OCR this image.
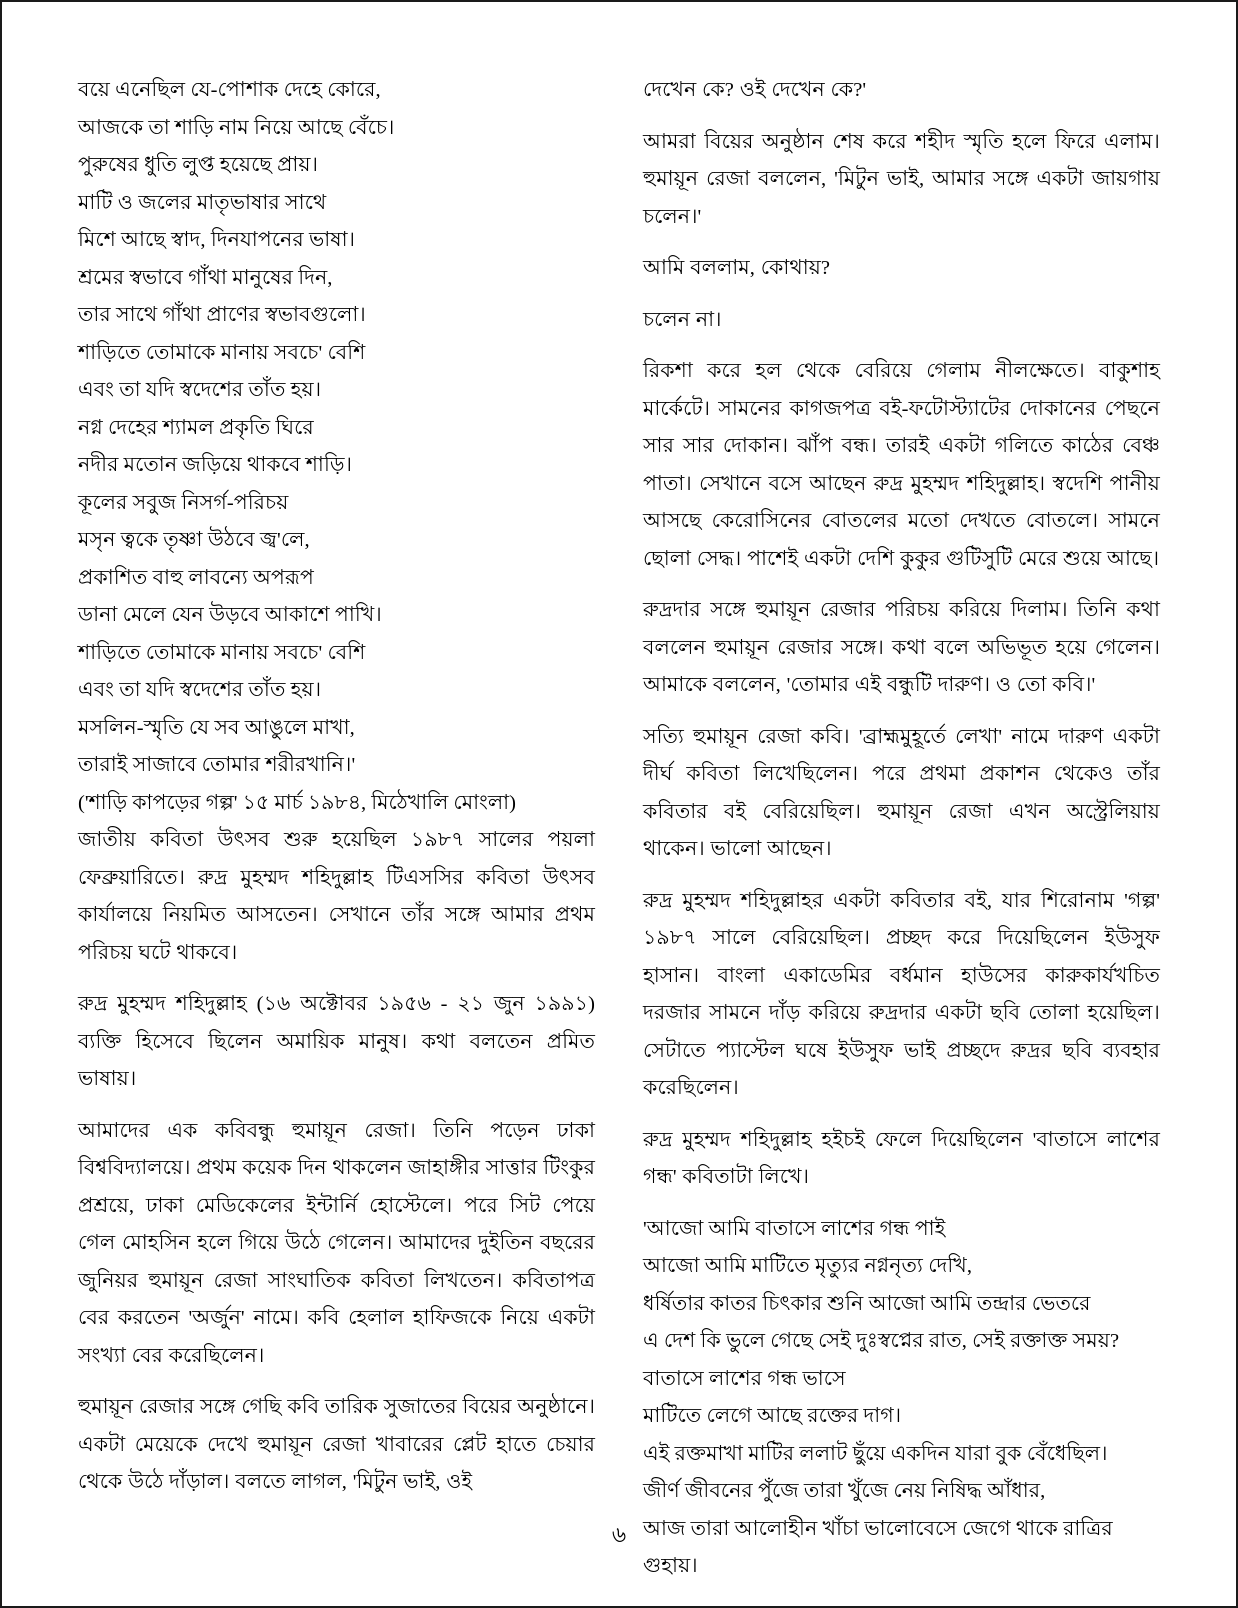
বয়ে এনেছিল যে-পোশাক দেহে কোরে,
আজকে তা শাড়ি নাম নিয়ে আছে বেঁচে।
পুরুষের ধুতি লুপ্ত হয়েছে প্রায়।
মাটি ও জলের মাতৃভাষার সাথে
মিশে আছে স্বাদ, দিনযাপনের ভাষা।
শ্রমের স্বভাবে গাঁথা মানুষের দিন,
তার সাথে গাঁথা প্রাণের স্বভাবগুলো।
শাড়িতে তোমাকে মানায় সবচে' বেশি
এবং তা যদি স্বদেশের তাঁত হয়।
নগ্ন দেহের শ্যামল প্রকৃতি ঘিরে
নদীর মতোন জড়িয়ে থাকবে শাড়ি।
কূলের সবুজ নিসর্গ-পরিচয়
মসৃন ত্বকে তৃষ্ণা উঠবে জ্ব'লে,
প্রকাশিত বাহু লাবন্যে অপরূপ
ডানা মেলে যেন উড়বে আকাশে পাখি।
শাড়িতে তোমাকে মানায় সবচে' বেশি
এবং তা যদি স্বদেশের তাঁত হয়।
মসলিন-স্মৃতি যে সব আঙুলে মাখা,
তারাই সাজাবে তোমার শরীরখানি।'
('শাড়ি কাপড়ের গল্প' ১৫ মার্চ ১৯৮৪, মিঠেখালি মোংলা)

জাতীয় কবিতা উৎসব শুরু হয়েছিল ১৯৮৭ সালের পয়লা ফেব্রুয়ারিতে। রুদ্র মুহম্মদ শহিদুল্লাহ টিএসসির কবিতা উৎসব কার্যালয়ে নিয়মিত আসতেন। সেখানে তাঁর সঙ্গে আমার প্রথম পরিচয় ঘটে থাকবে।

রুদ্র মুহম্মদ শহিদুল্লাহ (১৬ অক্টোবর ১৯৫৬ - ২১ জুন ১৯৯১) ব্যক্তি হিসেবে ছিলেন অমায়িক মানুষ। কথা বলতেন প্রমিত ভাষায়।

আমাদের এক কবিবন্ধু হুমায়ূন রেজা। তিনি পড়েন ঢাকা বিশ্ববিদ্যালয়ে। প্রথম কয়েক দিন থাকলেন জাহাঙ্গীর সাত্তার টিংকুর প্রশ্রয়ে, ঢাকা মেডিকেলের ইন্টার্নি হোস্টেলে। পরে সিট পেয়ে গেল মোহসিন হলে গিয়ে উঠে গেলেন। আমাদের দুইতিন বছরের জুনিয়র হুমায়ূন রেজা সাংঘাতিক কবিতা লিখতেন। কবিতাপত্র বের করতেন 'অর্জুন' নামে। কবি হেলাল হাফিজকে নিয়ে একটা সংখ্যা বের করেছিলেন।

হুমায়ূন রেজার সঙ্গে গেছি কবি তারিক সুজাতের বিয়ের অনুষ্ঠানে। একটা মেয়েকে দেখে হুমায়ূন রেজা খাবারের প্লেট হাতে চেয়ার থেকে উঠে দাঁড়াল। বলতে লাগল, 'মিটুন ভাই, ওই

দেখেন কে? ওই দেখেন কে?'

আমরা বিয়ের অনুষ্ঠান শেষ করে শহীদ স্মৃতি হলে ফিরে এলাম। হুমায়ূন রেজা বললেন, 'মিটুন ভাই, আমার সঙ্গে একটা জায়গায় চলেন।'

আমি বললাম, কোথায়?

চলেন না।

রিকশা করে হল থেকে বেরিয়ে গেলাম নীলক্ষেতে। বাকুশাহ মার্কেটে। সামনের কাগজপত্র বই-ফটোস্ট্যাটের দোকানের পেছনে সার সার দোকান। ঝাঁপ বন্ধ। তারই একটা গলিতে কাঠের বেঞ্চ পাতা। সেখানে বসে আছেন রুদ্র মুহম্মদ শহিদুল্লাহ। স্বদেশি পানীয় আসছে কেরোসিনের বোতলের মতো দেখতে বোতলে। সামনে ছোলা সেদ্ধ। পাশেই একটা দেশি কুকুর গুটিসুটি মেরে শুয়ে আছে।

রুদ্রদার সঙ্গে হুমায়ূন রেজার পরিচয় করিয়ে দিলাম। তিনি কথা বললেন হুমায়ূন রেজার সঙ্গে। কথা বলে অভিভূত হয়ে গেলেন। আমাকে বললেন, 'তোমার এই বন্ধুটি দারুণ। ও তো কবি।'

সত্যি হুমায়ূন রেজা কবি। 'ব্রাহ্মমুহূর্তে লেখা' নামে দারুণ একটা দীর্ঘ কবিতা লিখেছিলেন। পরে প্রথমা প্রকাশন থেকেও তাঁর কবিতার বই বেরিয়েছিল। হুমায়ূন রেজা এখন অস্ট্রেলিয়ায় থাকেন। ভালো আছেন।

রুদ্র মুহম্মদ শহিদুল্লাহর একটা কবিতার বই, যার শিরোনাম 'গল্প' ১৯৮৭ সালে বেরিয়েছিল। প্রচ্ছদ করে দিয়েছিলেন ইউসুফ হাসান। বাংলা একাডেমির বর্ধমান হাউসের কারুকার্যখচিত দরজার সামনে দাঁড় করিয়ে রুদ্রদার একটা ছবি তোলা হয়েছিল। সেটাতে প্যাস্টেল ঘষে ইউসুফ ভাই প্রচ্ছদে রুদ্রর ছবি ব্যবহার করেছিলেন।

রুদ্র মুহম্মদ শহিদুল্লাহ হইচই ফেলে দিয়েছিলেন 'বাতাসে লাশের গন্ধ' কবিতাটা লিখে।

'আজো আমি বাতাসে লাশের গন্ধ পাই
আজো আমি মাটিতে মৃত্যুর নগ্ননৃত্য দেখি,
ধর্ষিতার কাতর চিৎকার শুনি আজো আমি তন্দ্রার ভেতরে
এ দেশ কি ভুলে গেছে সেই দুঃস্বপ্নের রাত, সেই রক্তাক্ত সময়?
বাতাসে লাশের গন্ধ ভাসে
মাটিতে লেগে আছে রক্তের দাগ।
এই রক্তমাখা মাটির ললাট ছুঁয়ে একদিন যারা বুক বেঁধেছিল।
জীর্ণ জীবনের পুঁজে তারা খুঁজে নেয় নিষিদ্ধ আঁধার,
আজ তারা আলোহীন খাঁচা ভালোবেসে জেগে থাকে রাত্রির
গুহায়।
৬
